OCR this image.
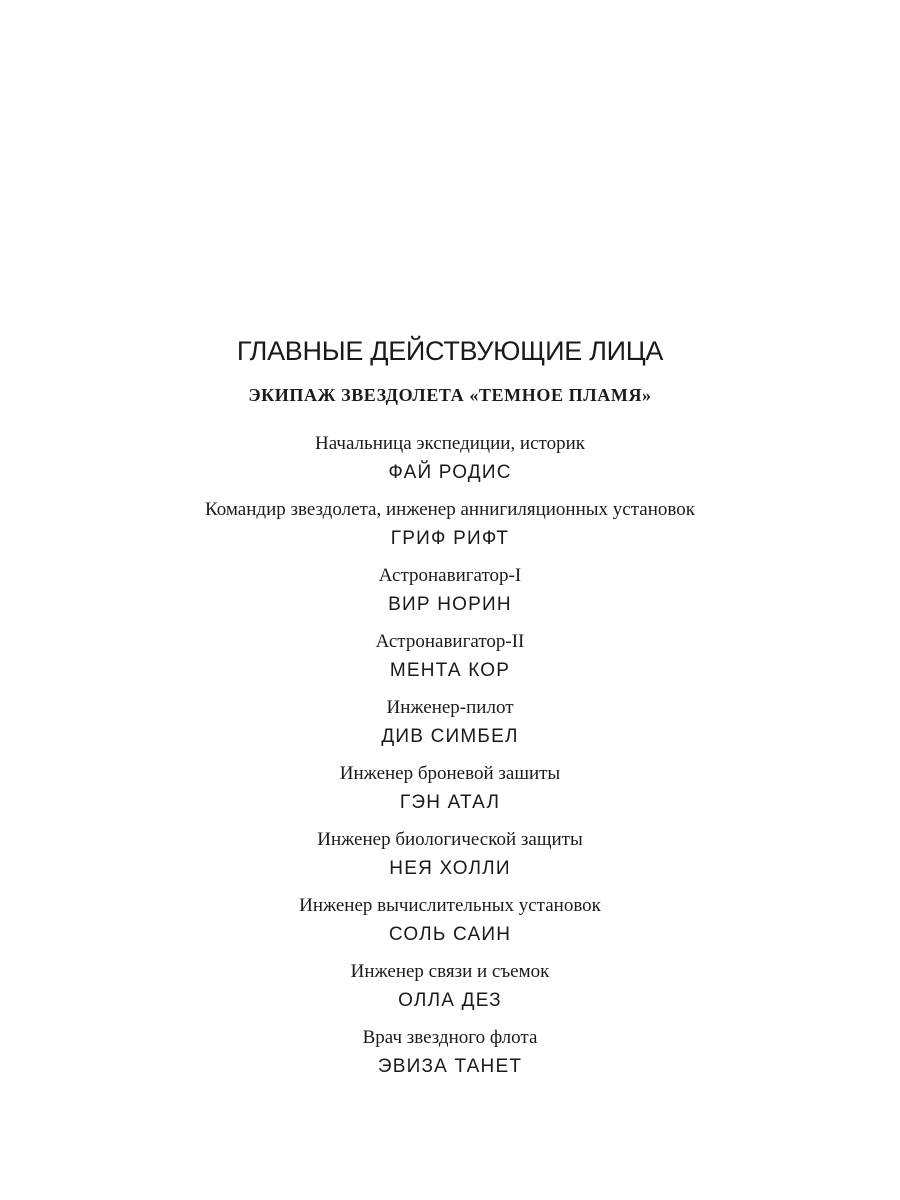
ГЛАВНЫЕ ДЕЙСТВУЮЩИЕ ЛИЦА
ЭКИПАЖ ЗВЕЗДОЛЕТА «ТЕМНОЕ ПЛАМЯ»
Начальница экспедиции, историк
ФАЙ РОДИС
Командир звездолета, инженер аннигиляционных установок
ГРИФ РИФТ
Астронавигатор-I
ВИР НОРИН
Астронавигатор-II
МЕНТА КОР
Инженер-пилот
ДИВ СИМБЕЛ
Инженер броневой зашиты
ГЭН АТАЛ
Инженер биологической защиты
НЕЯ ХОЛЛИ
Инженер вычислительных установок
СОЛЬ САИН
Инженер связи и съемок
ОЛЛА ДЕЗ
Врач звездного флота
ЭВИЗА ТАНЕТ
